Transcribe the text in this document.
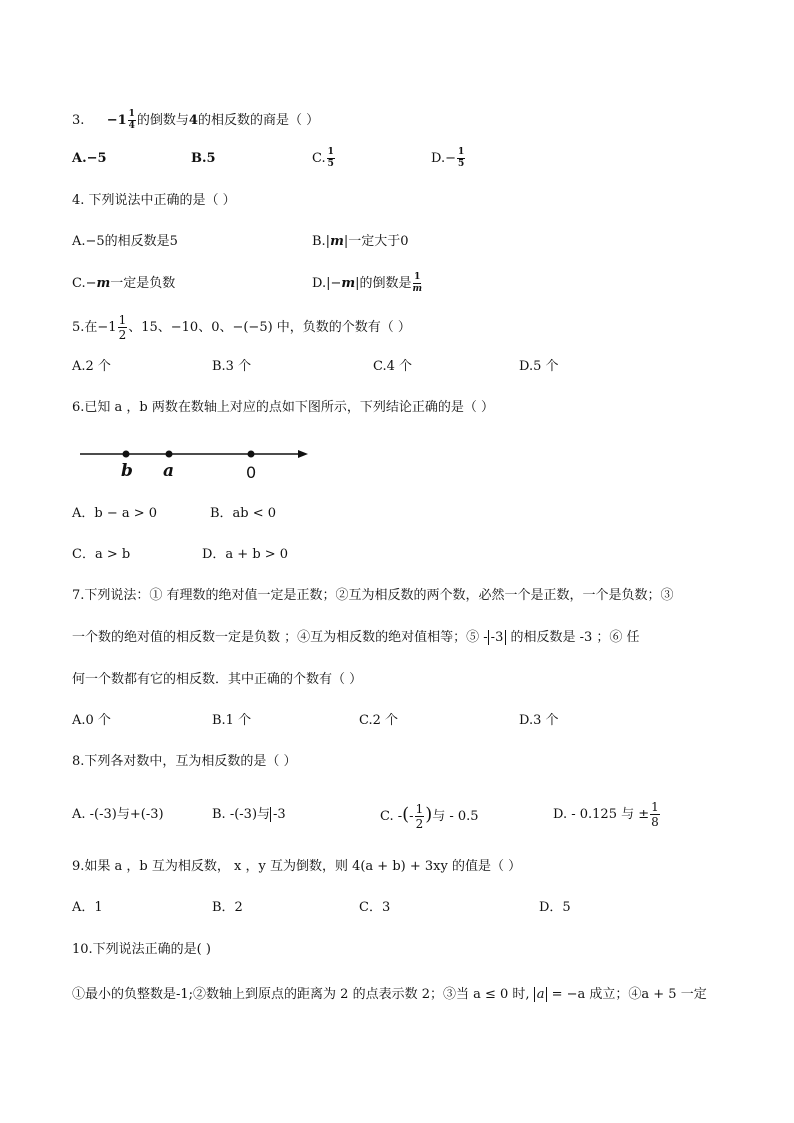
3. $-1 \frac{1}{4}$ 的倒数与4的相反数的商是（ ）
A.−5	B.5	C. $\frac{1}{5}$	$D.- \frac{1}{5}$
4. 下列说法中正确的是（ ）
A.−5的相反数是5	B.|m|一定大于0
C.−m一定是负数	D.|−m|的倒数是 $\frac{1}{m}$
5.在$-1 \frac{1}{2}$ 、15、−10、0、−(−5) 中，负数的个数有（ ）
A.2 个	B.3 个	C.4 个	D.5 个
6.已知 a ，b 两数在数轴上对应的点如下图所示，下列结论正确的是（ ）
b a	0
A．b − a > 0	B．ab < 0
C．a > b	D．a + b > 0
7.下列说法：① 有理数的绝对值一定是正数；②互为相反数的两个数，必然一个是正数，一个是负数；③
一个数的绝对值的相反数一定是负数 ；④互为相反数的绝对值相等；⑤ - -3 的相反数是 -3 ；⑥ 任
何一个数都有它的相反数．其中正确的个数有（ ）
A.0 个	B.1 个	C.2 个	D.3 个
8.下列各对数中，互为相反数的是（ ）
A. -(-3)与+(-3)	B. -(-3)与 -3	C. -(- $\frac{1}{2}$ )与 - 0.5	D. - 0.125 与 ± $\frac{1}{8}$
9.如果 a ，b 互为相反数， x ，y 互为倒数，则 4(a + b) + 3xy 的值是（ ）
A．1	B．2	C．3	D．5
10.下列说法正确的是( )
①最小的负整数是-1;②数轴上到原点的距离为 2 的点表示数 2；③当 a ≤ 0 时, a = −a 成立；④a + 5 一定
